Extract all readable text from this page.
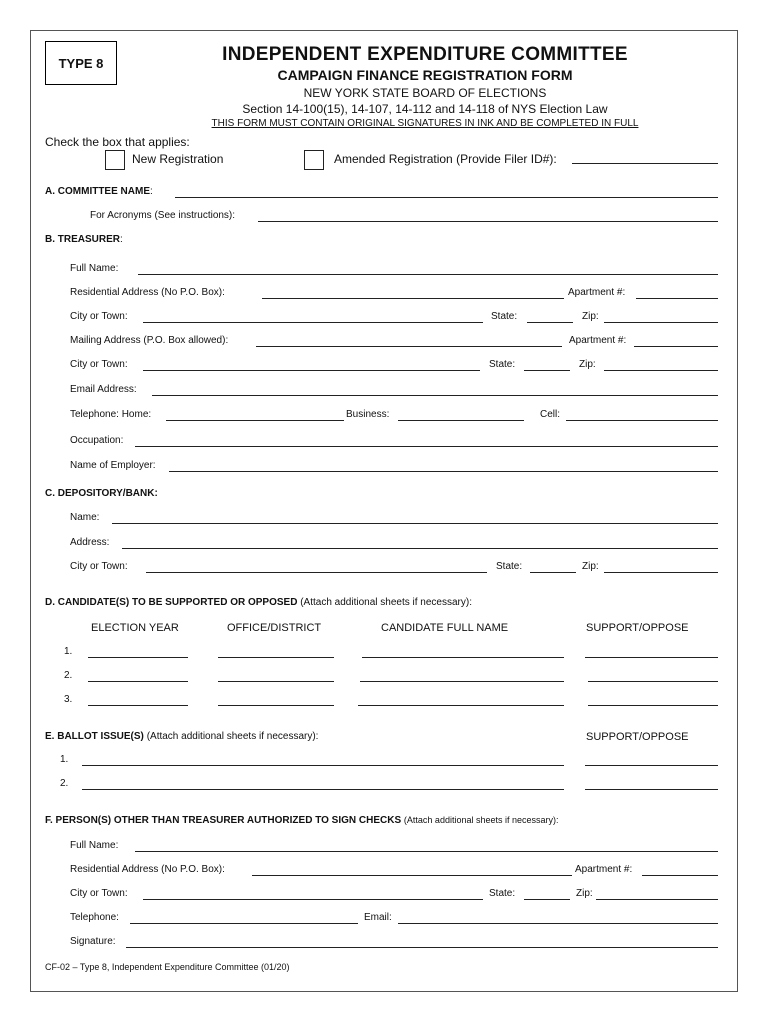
TYPE 8	INDEPENDENT EXPENDITURE COMMITTEE
CAMPAIGN FINANCE REGISTRATION FORM
NEW YORK STATE BOARD OF ELECTIONS
Section 14-100(15), 14-107, 14-112 and 14-118 of NYS Election Law
THIS FORM MUST CONTAIN ORIGINAL SIGNATURES IN INK AND BE COMPLETED IN FULL
Check the box that applies:
New Registration	Amended Registration (Provide Filer ID#):
A. COMMITTEE NAME:
For Acronyms (See instructions):
B. TREASURER:
Full Name:
Residential Address (No P.O. Box):	Apartment #:
City or Town:	State:	Zip:
Mailing Address (P.O. Box allowed):	Apartment #:
City or Town:	State:	Zip:
Email Address:
Telephone: Home:	Business:	Cell:
Occupation:
Name of Employer:
C. DEPOSITORY/BANK:
Name:
Address:
City or Town:	State:	Zip:
D. CANDIDATE(S) TO BE SUPPORTED OR OPPOSED (Attach additional sheets if necessary):
ELECTION YEAR	OFFICE/DISTRICT	CANDIDATE FULL NAME	SUPPORT/OPPOSE
1.
2.
3.
E. BALLOT ISSUE(S) (Attach additional sheets if necessary):	SUPPORT/OPPOSE
1.
2.
F. PERSON(S) OTHER THAN TREASURER AUTHORIZED TO SIGN CHECKS (Attach additional sheets if necessary):
Full Name:
Residential Address (No P.O. Box):	Apartment #:
City or Town:	State:	Zip:
Telephone:	Email:
Signature:
CF-02 – Type 8, Independent Expenditure Committee (01/20)
